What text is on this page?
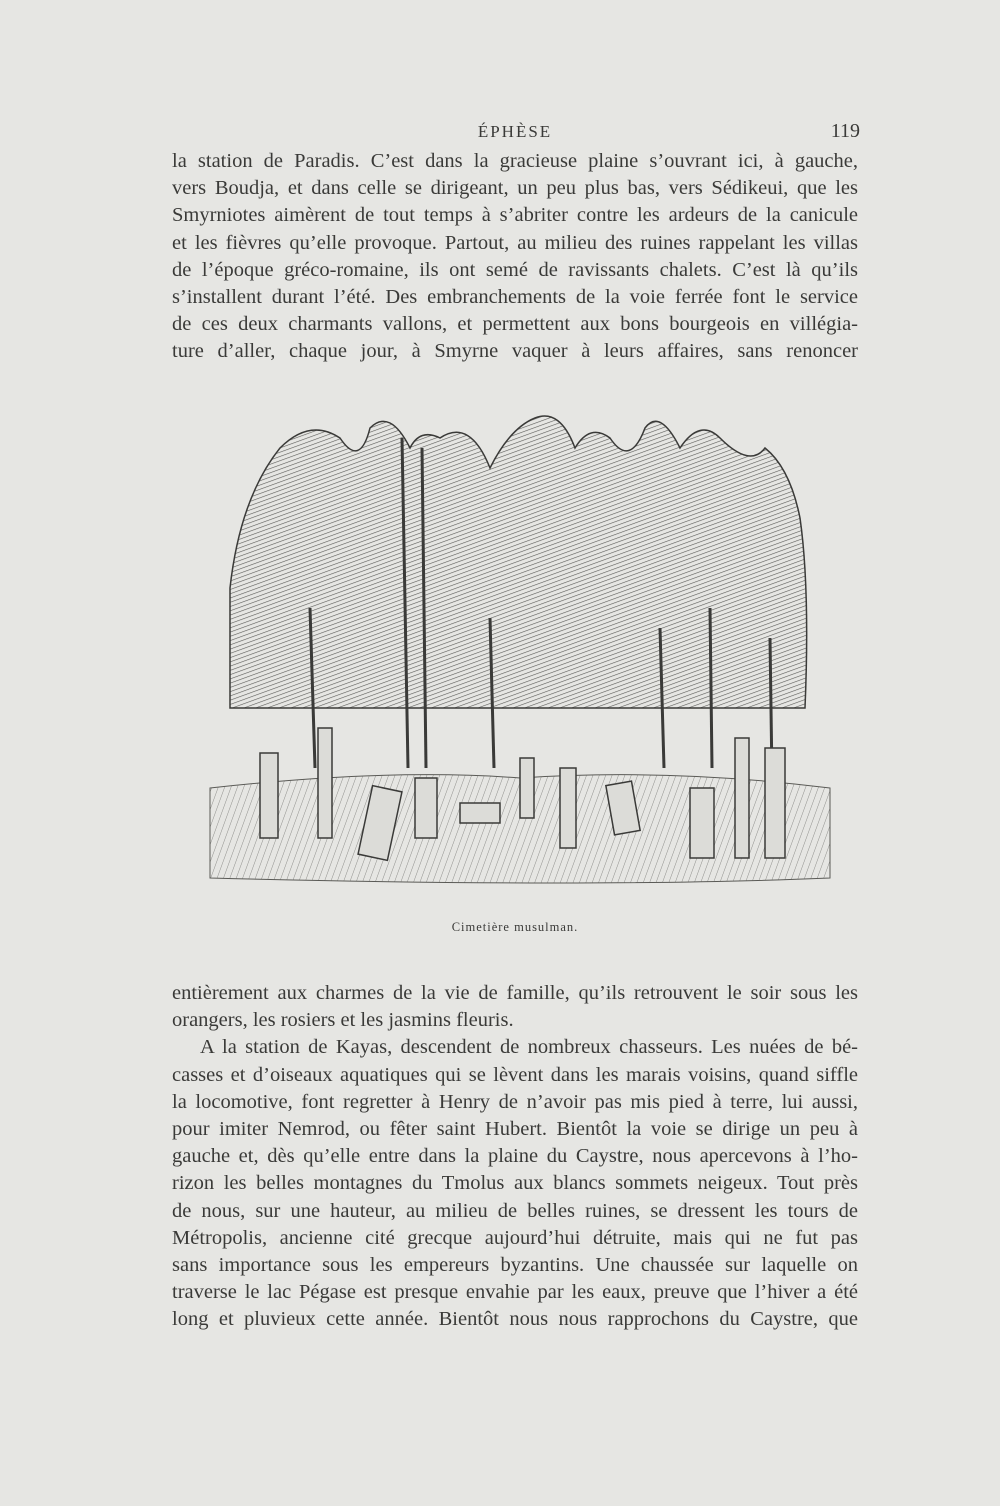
ÉPHÈSE	119

la station de Paradis. C’est dans la gracieuse plaine s’ouvrant ici, à gauche,
vers Boudja, et dans celle se dirigeant, un peu plus bas, vers Sédikeui, que les
Smyrniotes aimèrent de tout temps à s’abriter contre les ardeurs de la canicule
et les fièvres qu’elle provoque. Partout, au milieu des ruines rappelant les villas
de l’époque gréco-romaine, ils ont semé de ravissants chalets. C’est là qu’ils
s’installent durant l’été. Des embranchements de la voie ferrée font le service
de ces deux charmants vallons, et permettent aux bons bourgeois en villégia-
ture d’aller, chaque jour, à Smyrne vaquer à leurs affaires, sans renoncer

Cimetière musulman.

entièrement aux charmes de la vie de famille, qu’ils retrouvent le soir sous les
orangers, les rosiers et les jasmins fleuris.

A la station de Kayas, descendent de nombreux chasseurs. Les nuées de bé-
casses et d’oiseaux aquatiques qui se lèvent dans les marais voisins, quand siffle
la locomotive, font regretter à Henry de n’avoir pas mis pied à terre, lui aussi,
pour imiter Nemrod, ou fêter saint Hubert. Bientôt la voie se dirige un peu à
gauche et, dès qu’elle entre dans la plaine du Caystre, nous apercevons à l’ho-
rizon les belles montagnes du Tmolus aux blancs sommets neigeux. Tout près
de nous, sur une hauteur, au milieu de belles ruines, se dressent les tours de
Métropolis, ancienne cité grecque aujourd’hui détruite, mais qui ne fut pas
sans importance sous les empereurs byzantins. Une chaussée sur laquelle on
traverse le lac Pégase est presque envahie par les eaux, preuve que l’hiver a été
long et pluvieux cette année. Bientôt nous nous rapprochons du Caystre, que
